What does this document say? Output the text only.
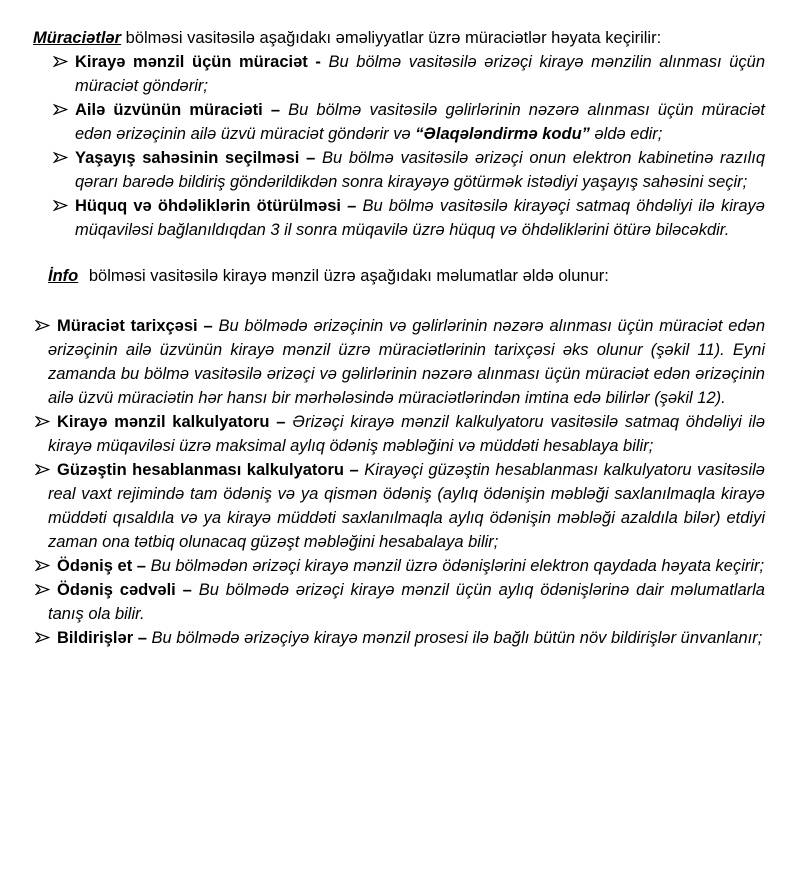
Müraciətlər bölməsi vasitəsilə aşağıdakı əməliyyatlar üzrə müraciətlər həyata keçirilir:

Kirayə mənzil üçün müraciət - Bu bölmə vasitəsilə ərizəçi kirayə mənzilin alınması üçün müraciət göndərir;

Ailə üzvünün müraciəti – Bu bölmə vasitəsilə gəlirlərinin nəzərə alınması üçün müraciət edən ərizəçinin ailə üzvü müraciət göndərir və “Əlaqələndirmə kodu” əldə edir;

Yaşayış sahəsinin seçilməsi – Bu bölmə vasitəsilə ərizəçi onun elektron kabinetinə razılıq qərarı barədə bildiriş göndərildikdən sonra kirayəyə götürmək istədiyi yaşayış sahəsini seçir;

Hüquq və öhdəliklərin ötürülməsi – Bu bölmə vasitəsilə kirayəçi satmaq öhdəliyi ilə kirayə müqaviləsi bağlanıldıqdan 3 il sonra müqavilə üzrə hüquq və öhdəliklərini ötürə biləcəkdir.

İnfo bölməsi vasitəsilə kirayə mənzil üzrə aşağıdakı məlumatlar əldə olunur:

Müraciət tarixçəsi – Bu bölmədə ərizəçinin və gəlirlərinin nəzərə alınması üçün müraciət edən ərizəçinin ailə üzvünün kirayə mənzil üzrə müraciətlərinin tarixçəsi əks olunur (şəkil 11). Eyni zamanda bu bölmə vasitəsilə ərizəçi və gəlirlərinin nəzərə alınması üçün müraciət edən ərizəçinin ailə üzvü müraciətin hər hansı bir mərhələsində müraciətlərindən imtina edə bilirlər (şəkil 12).

Kirayə mənzil kalkulyatoru – Ərizəçi kirayə mənzil kalkulyatoru vasitəsilə satmaq öhdəliyi ilə kirayə müqaviləsi üzrə maksimal aylıq ödəniş məbləğini və müddəti hesablaya bilir;

Güzəştin hesablanması kalkulyatoru – Kirayəçi güzəştin hesablanması kalkulyatoru vasitəsilə real vaxt rejimində tam ödəniş və ya qismən ödəniş (aylıq ödənişin məbləği saxlanılmaqla kirayə müddəti qısaldıla və ya kirayə müddəti saxlanılmaqla aylıq ödənişin məbləği azaldıla bilər) etdiyi zaman ona tətbiq olunacaq güzəşt məbləğini hesabalaya bilir;

Ödəniş et – Bu bölmədən ərizəçi kirayə mənzil üzrə ödənişlərini elektron qaydada həyata keçirir;

Ödəniş cədvəli – Bu bölmədə ərizəçi kirayə mənzil üçün aylıq ödənişlərinə dair məlumatlarla tanış ola bilir.

Bildirişlər – Bu bölmədə ərizəçiyə kirayə mənzil prosesi ilə bağlı bütün növ bildirişlər ünvanlanır;
